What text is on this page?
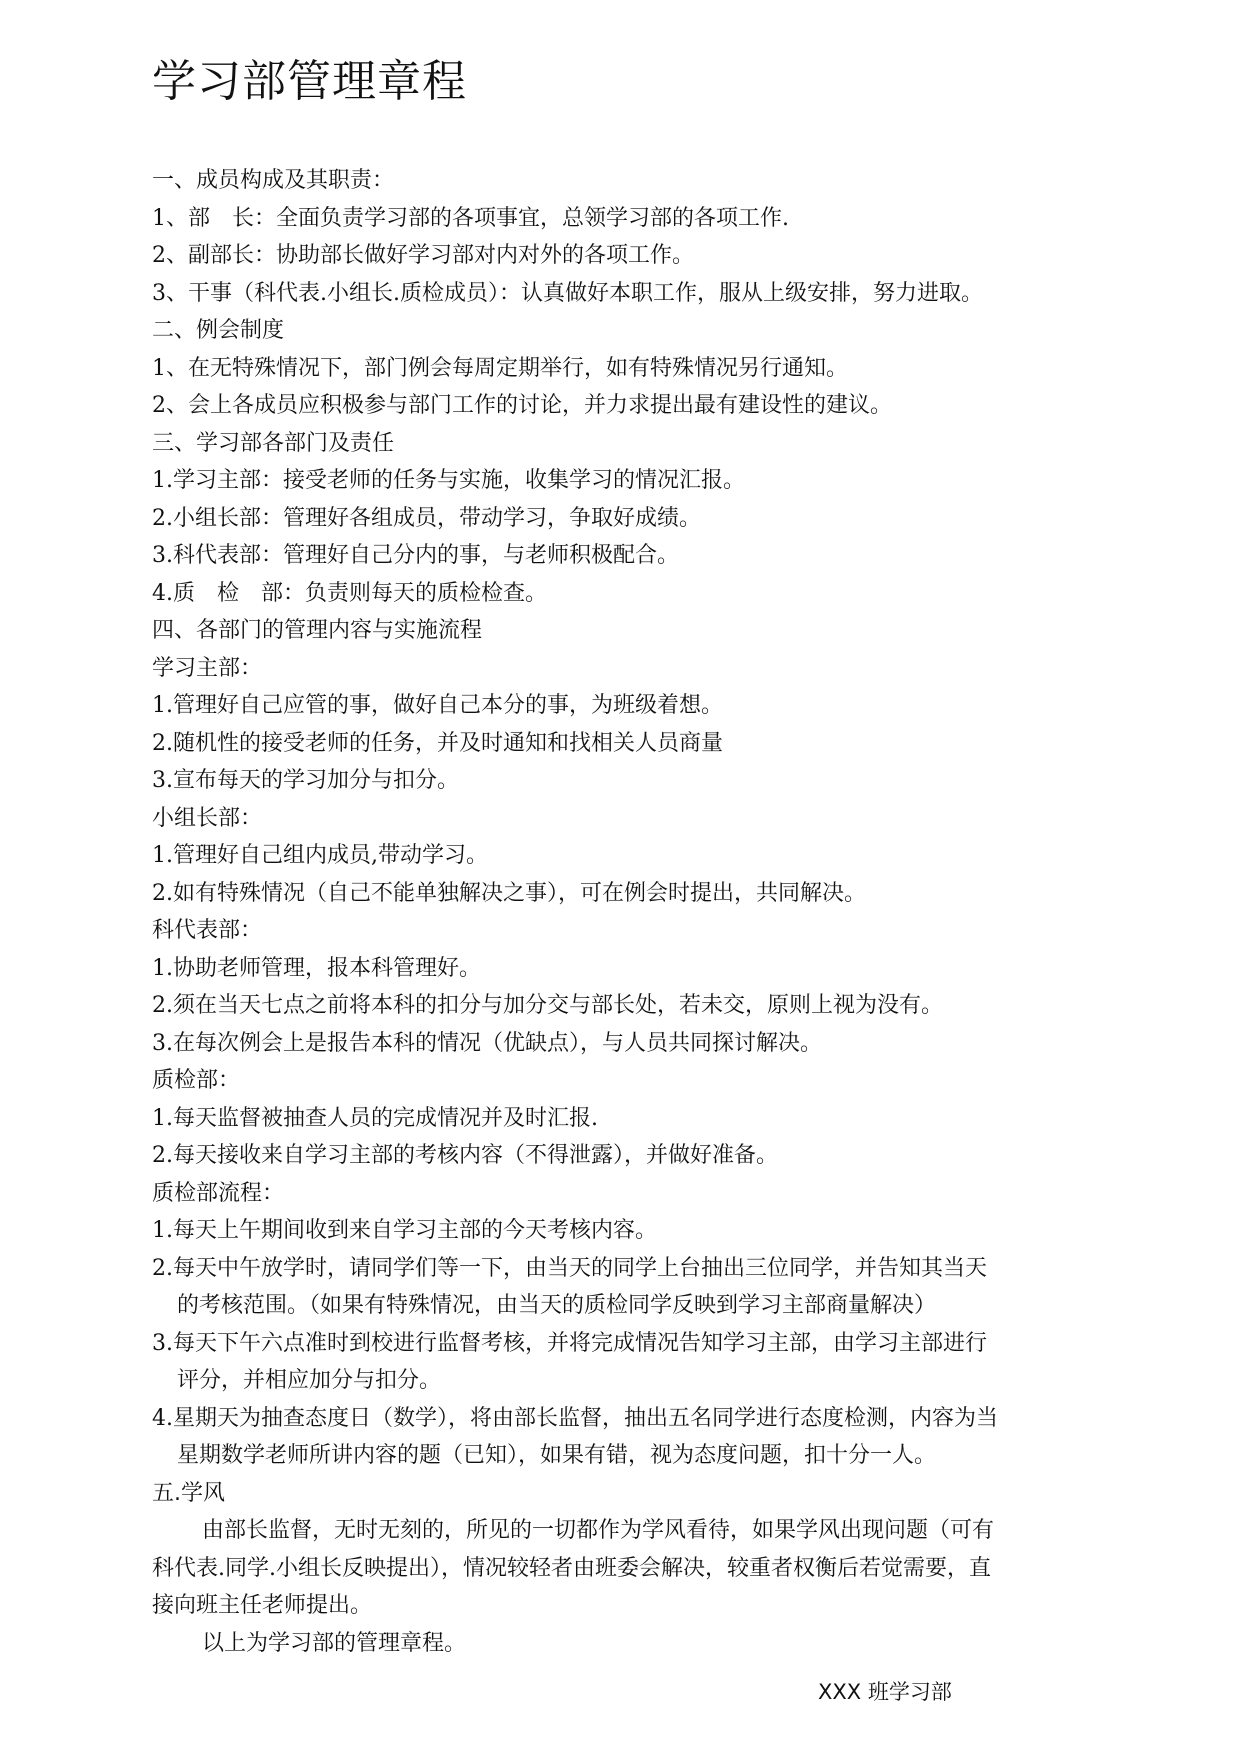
学习部管理章程
一、成员构成及其职责：
1、部　长：全面负责学习部的各项事宜，总领学习部的各项工作.
2、副部长：协助部长做好学习部对内对外的各项工作。
3、干事（科代表.小组长.质检成员）：认真做好本职工作，服从上级安排，努力进取。
二、例会制度
1、在无特殊情况下，部门例会每周定期举行，如有特殊情况另行通知。
2、会上各成员应积极参与部门工作的讨论，并力求提出最有建设性的建议。
三、学习部各部门及责任
1.学习主部：接受老师的任务与实施，收集学习的情况汇报。
2.小组长部：管理好各组成员，带动学习，争取好成绩。
3.科代表部：管理好自己分内的事，与老师积极配合。
4.质　检　部：负责则每天的质检检查。
四、各部门的管理内容与实施流程
学习主部：
1.管理好自己应管的事，做好自己本分的事，为班级着想。
2.随机性的接受老师的任务，并及时通知和找相关人员商量
3.宣布每天的学习加分与扣分。
小组长部：
1.管理好自己组内成员,带动学习。
2.如有特殊情况（自己不能单独解决之事），可在例会时提出，共同解决。
科代表部：
1.协助老师管理，报本科管理好。
2.须在当天七点之前将本科的扣分与加分交与部长处，若未交，原则上视为没有。
3.在每次例会上是报告本科的情况（优缺点），与人员共同探讨解决。
质检部：
1.每天监督被抽查人员的完成情况并及时汇报.
2.每天接收来自学习主部的考核内容（不得泄露），并做好准备。
质检部流程：
1.每天上午期间收到来自学习主部的今天考核内容。
2.每天中午放学时，请同学们等一下，由当天的同学上台抽出三位同学，并告知其当天
的考核范围。（如果有特殊情况，由当天的质检同学反映到学习主部商量解决）
3.每天下午六点准时到校进行监督考核，并将完成情况告知学习主部，由学习主部进行
评分，并相应加分与扣分。
4.星期天为抽查态度日（数学），将由部长监督，抽出五名同学进行态度检测，内容为当
星期数学老师所讲内容的题（已知），如果有错，视为态度问题，扣十分一人。
五.学风
由部长监督，无时无刻的，所见的一切都作为学风看待，如果学风出现问题（可有
科代表.同学.小组长反映提出），情况较轻者由班委会解决，较重者权衡后若觉需要，直
接向班主任老师提出。
以上为学习部的管理章程。
XXX 班学习部
